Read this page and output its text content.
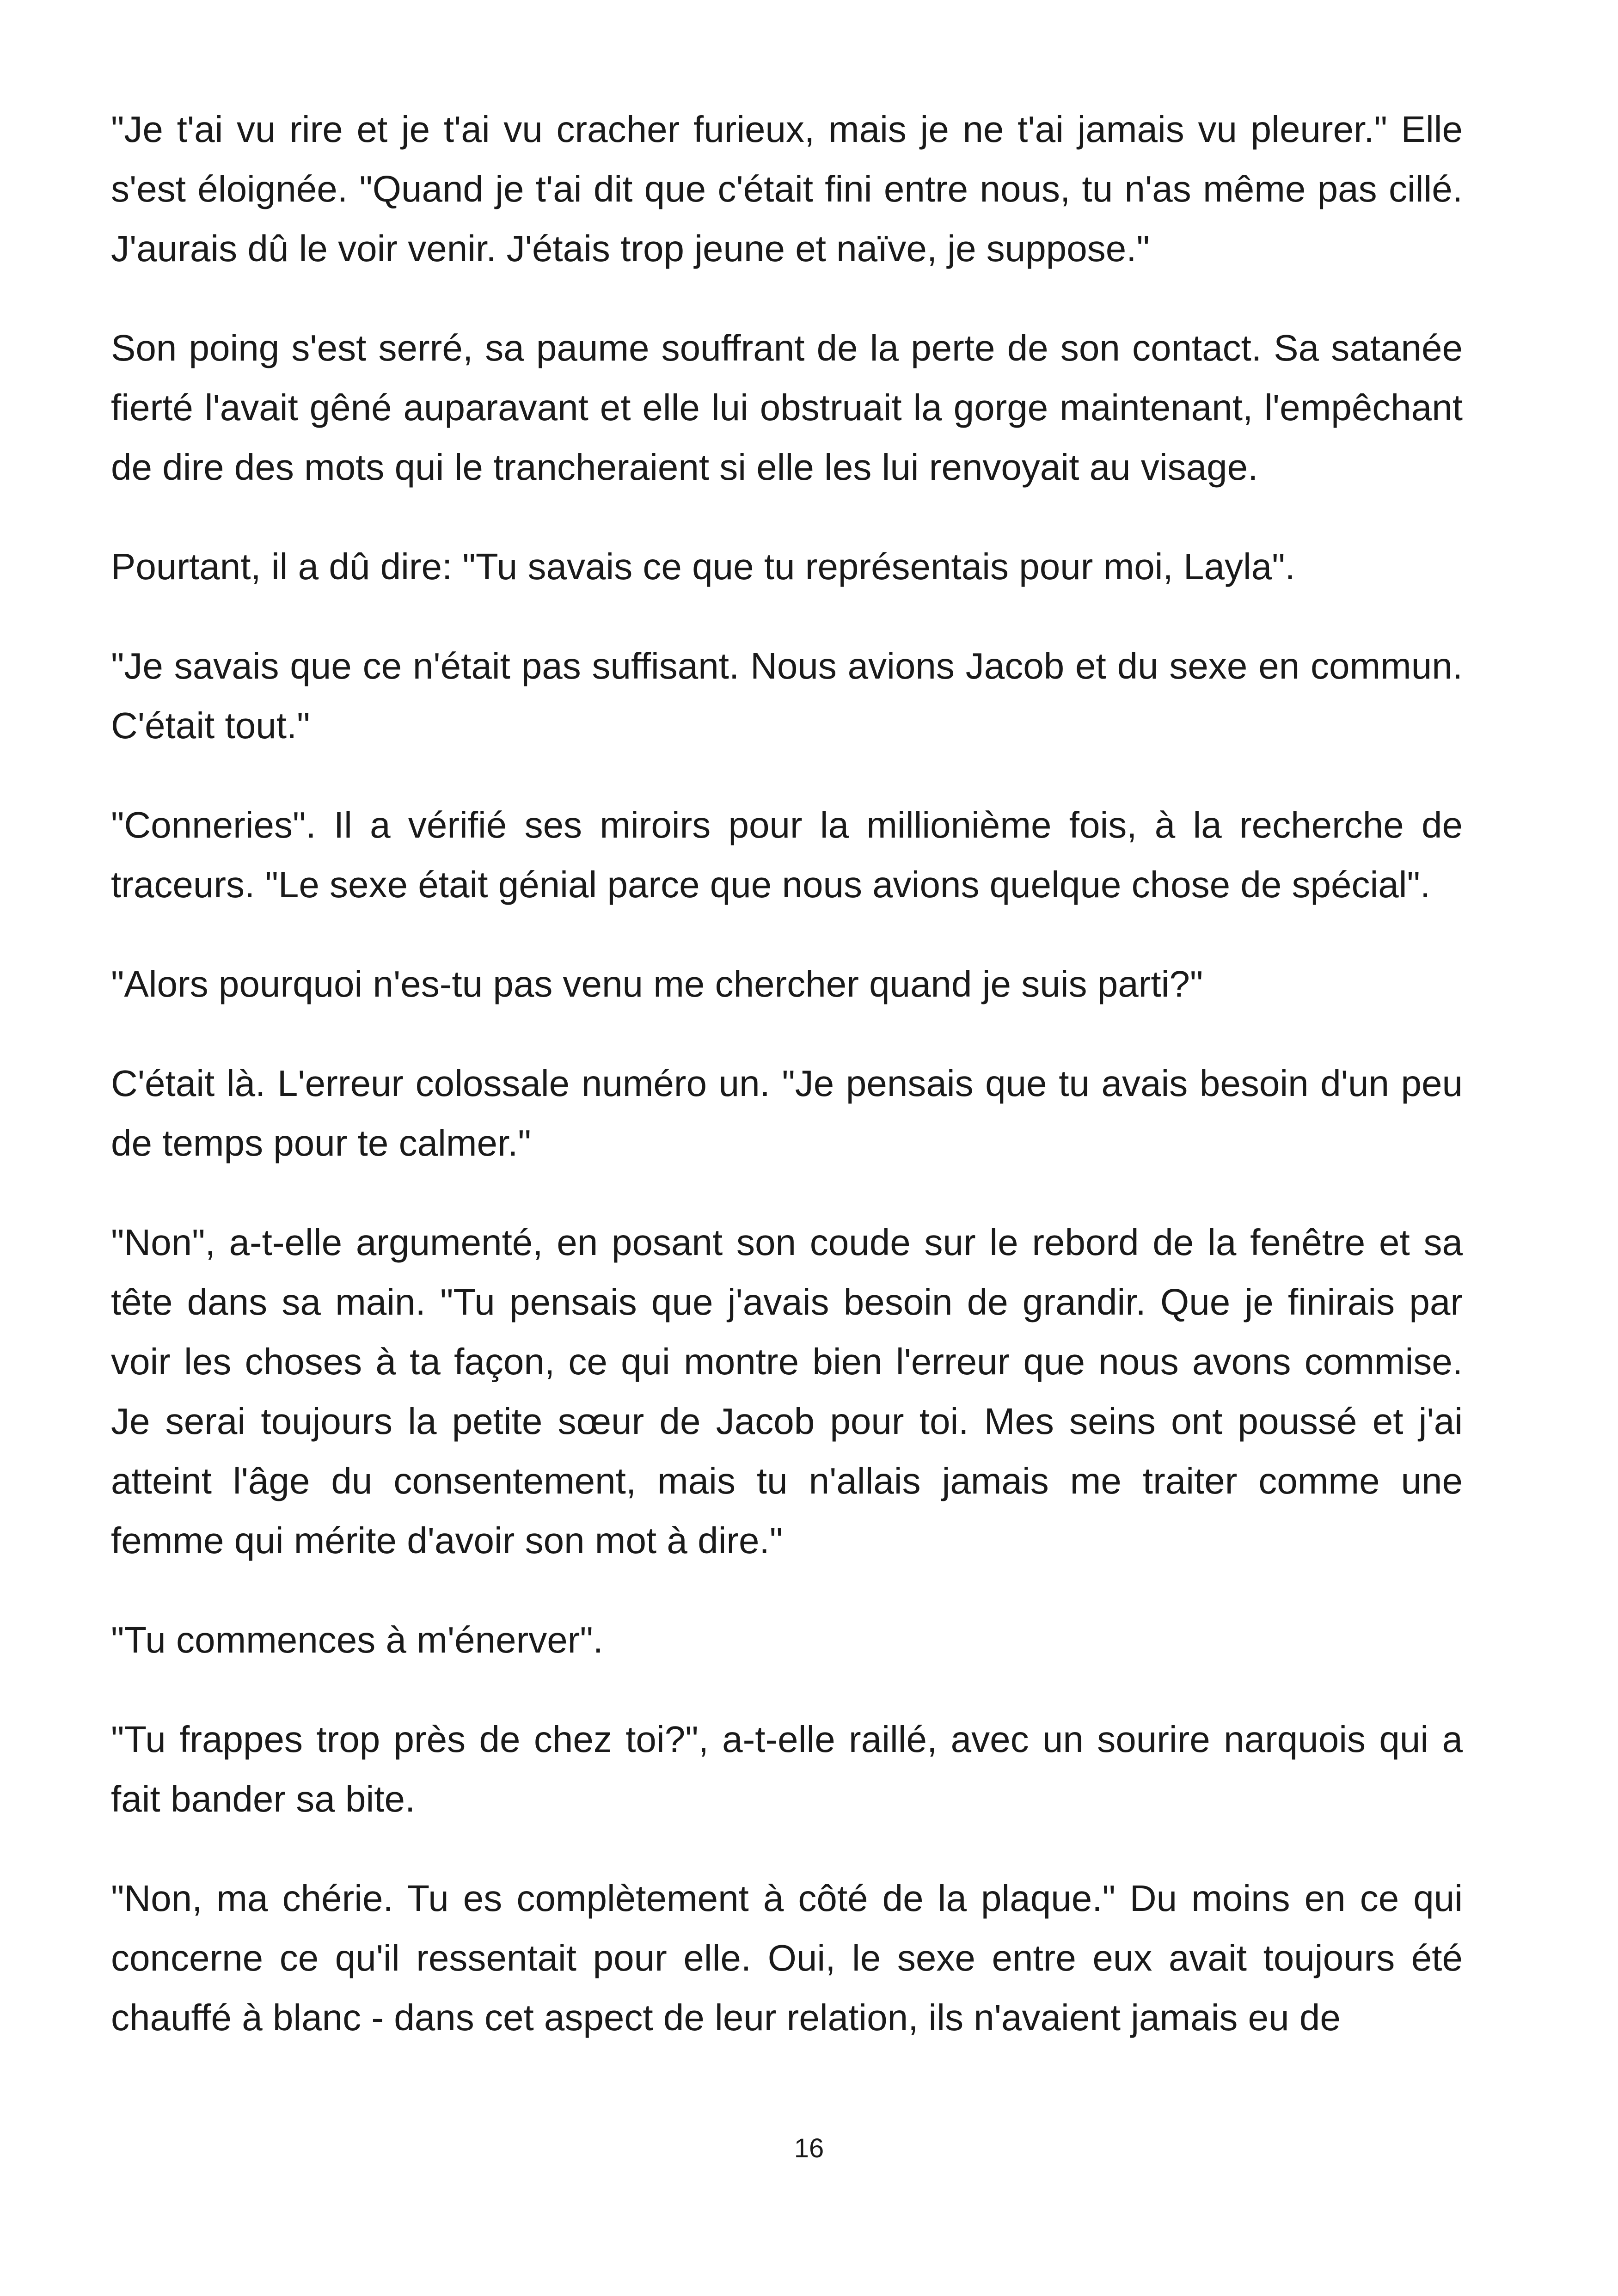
"Je t'ai vu rire et je t'ai vu cracher furieux, mais je ne t'ai jamais vu pleurer." Elle s'est éloignée. "Quand je t'ai dit que c'était fini entre nous, tu n'as même pas cillé. J'aurais dû le voir venir. J'étais trop jeune et naïve, je suppose."

Son poing s'est serré, sa paume souffrant de la perte de son contact. Sa satanée fierté l'avait gêné auparavant et elle lui obstruait la gorge maintenant, l'empêchant de dire des mots qui le trancheraient si elle les lui renvoyait au visage.

Pourtant, il a dû dire: "Tu savais ce que tu représentais pour moi, Layla".

"Je savais que ce n'était pas suffisant. Nous avions Jacob et du sexe en commun. C'était tout."

"Conneries". Il a vérifié ses miroirs pour la millionième fois, à la recherche de traceurs. "Le sexe était génial parce que nous avions quelque chose de spécial".

"Alors pourquoi n'es-tu pas venu me chercher quand je suis parti?"

C'était là. L'erreur colossale numéro un. "Je pensais que tu avais besoin d'un peu de temps pour te calmer."

"Non", a-t-elle argumenté, en posant son coude sur le rebord de la fenêtre et sa tête dans sa main. "Tu pensais que j'avais besoin de grandir. Que je finirais par voir les choses à ta façon, ce qui montre bien l'erreur que nous avons commise. Je serai toujours la petite sœur de Jacob pour toi. Mes seins ont poussé et j'ai atteint l'âge du consentement, mais tu n'allais jamais me traiter comme une femme qui mérite d'avoir son mot à dire."

"Tu commences à m'énerver".

"Tu frappes trop près de chez toi?", a-t-elle raillé, avec un sourire narquois qui a fait bander sa bite.

"Non, ma chérie. Tu es complètement à côté de la plaque." Du moins en ce qui concerne ce qu'il ressentait pour elle. Oui, le sexe entre eux avait toujours été chauffé à blanc - dans cet aspect de leur relation, ils n'avaient jamais eu de

16
